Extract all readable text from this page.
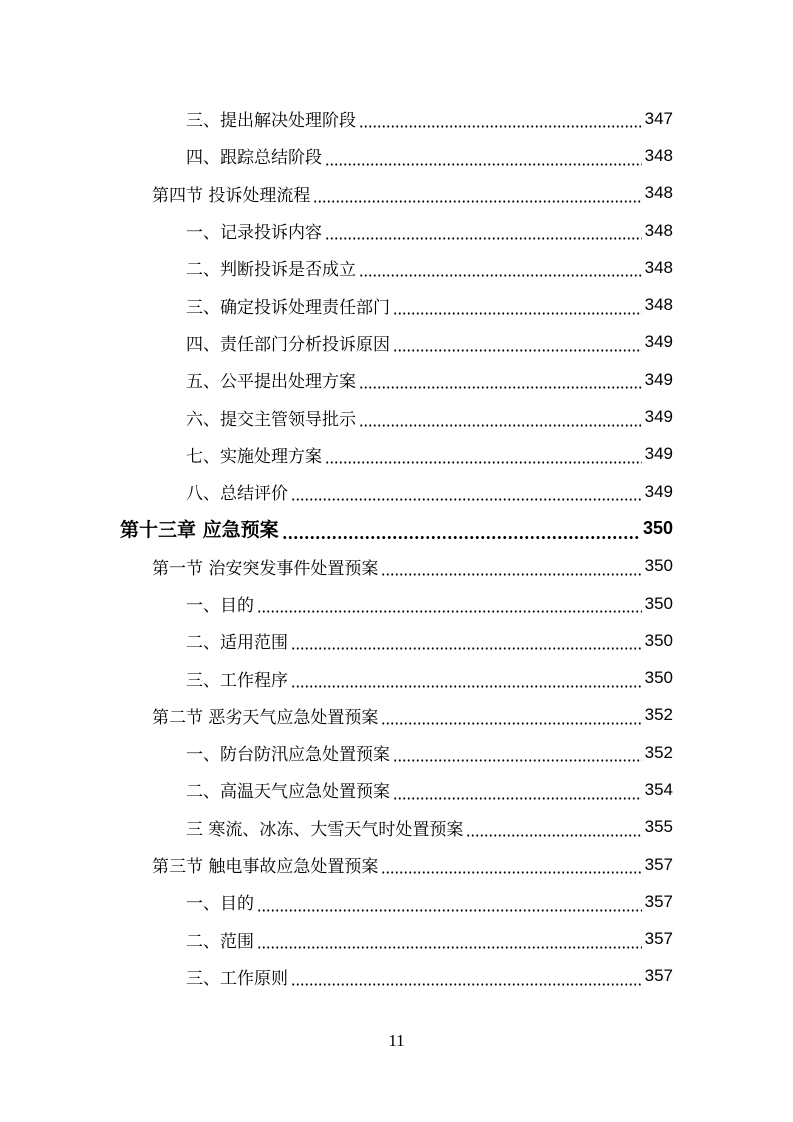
三、提出解决处理阶段	347
四、跟踪总结阶段	348
第四节 投诉处理流程	348
一、记录投诉内容	348
二、判断投诉是否成立	348
三、确定投诉处理责任部门	348
四、责任部门分析投诉原因	349
五、公平提出处理方案	349
六、提交主管领导批示	349
七、实施处理方案	349
八、总结评价	349
第十三章 应急预案	350
第一节 治安突发事件处置预案	350
一、目的	350
二、适用范围	350
三、工作程序	350
第二节 恶劣天气应急处置预案	352
一、防台防汛应急处置预案	352
二、高温天气应急处置预案	354
三 寒流、冰冻、大雪天气时处置预案	355
第三节 触电事故应急处置预案	357
一、目的	357
二、范围	357
三、工作原则	357
11
